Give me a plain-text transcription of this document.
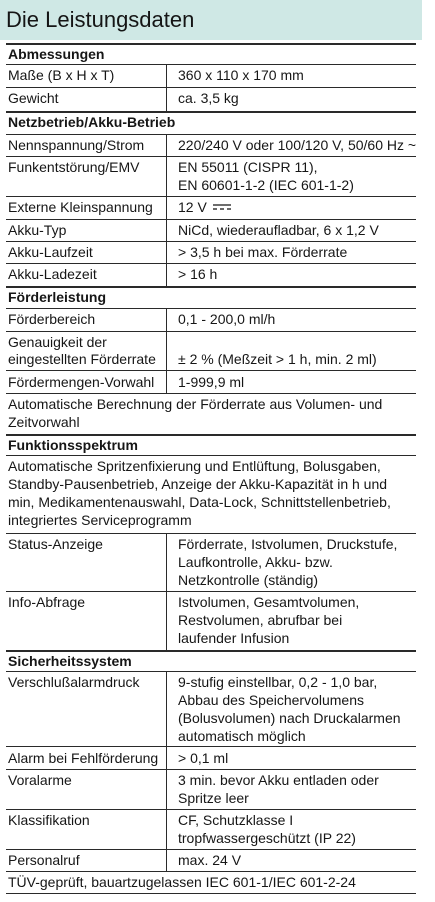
Die Leistungsdaten
Abmessungen
Maße (B x H x T)	360 x 110 x 170 mm
Gewicht	ca. 3,5 kg
Netzbetrieb/Akku-Betrieb
Nennspannung/Strom 220/240 V oder 100/120 V, 50/60 Hz ~
Funkentstörung/EMV	EN 55011 (CISPR 11),
EN 60601-1-2 (IEC 601-1-2)
Externe Kleinspannung 12 V
Akku-Typ	NiCd, wiederaufladbar, 6 x 1,2 V
Akku-Laufzeit	> 3,5 h bei max. Förderrate
Akku-Ladezeit	> 16 h
Förderleistung
Förderbereich	0,1 - 200,0 ml/h
Genauigkeit der
eingestellten Förderrate ± 2 % (Meßzeit > 1 h, min. 2 ml)
Fördermengen-Vorwahl 1-999,9 ml
Automatische Berechnung der Förderrate aus Volumen- und
Zeitvorwahl
Funktionsspektrum
Automatische Spritzenfixierung und Entlüftung, Bolusgaben,
Standby-Pausenbetrieb, Anzeige der Akku-Kapazität in h und
min, Medikamentenauswahl, Data-Lock, Schnittstellenbetrieb,
integriertes Serviceprogramm
Status-Anzeige	Förderrate, Istvolumen, Druckstufe,
Laufkontrolle, Akku- bzw.
Netzkontrolle (ständig)
Info-Abfrage	Istvolumen, Gesamtvolumen,
Restvolumen, abrufbar bei
laufender Infusion
Sicherheitssystem
Verschlußalarmdruck	9-stufig einstellbar, 0,2 - 1,0 bar,
Abbau des Speichervolumens
(Bolusvolumen) nach Druckalarmen
automatisch möglich
Alarm bei Fehlförderung > 0,1 ml
Voralarme	3 min. bevor Akku entladen oder
Spritze leer
Klassifikation	CF, Schutzklasse I
tropfwassergeschützt (IP 22)
Personalruf	max. 24 V
TÜV-geprüft, bauartzugelassen IEC 601-1/IEC 601-2-24
